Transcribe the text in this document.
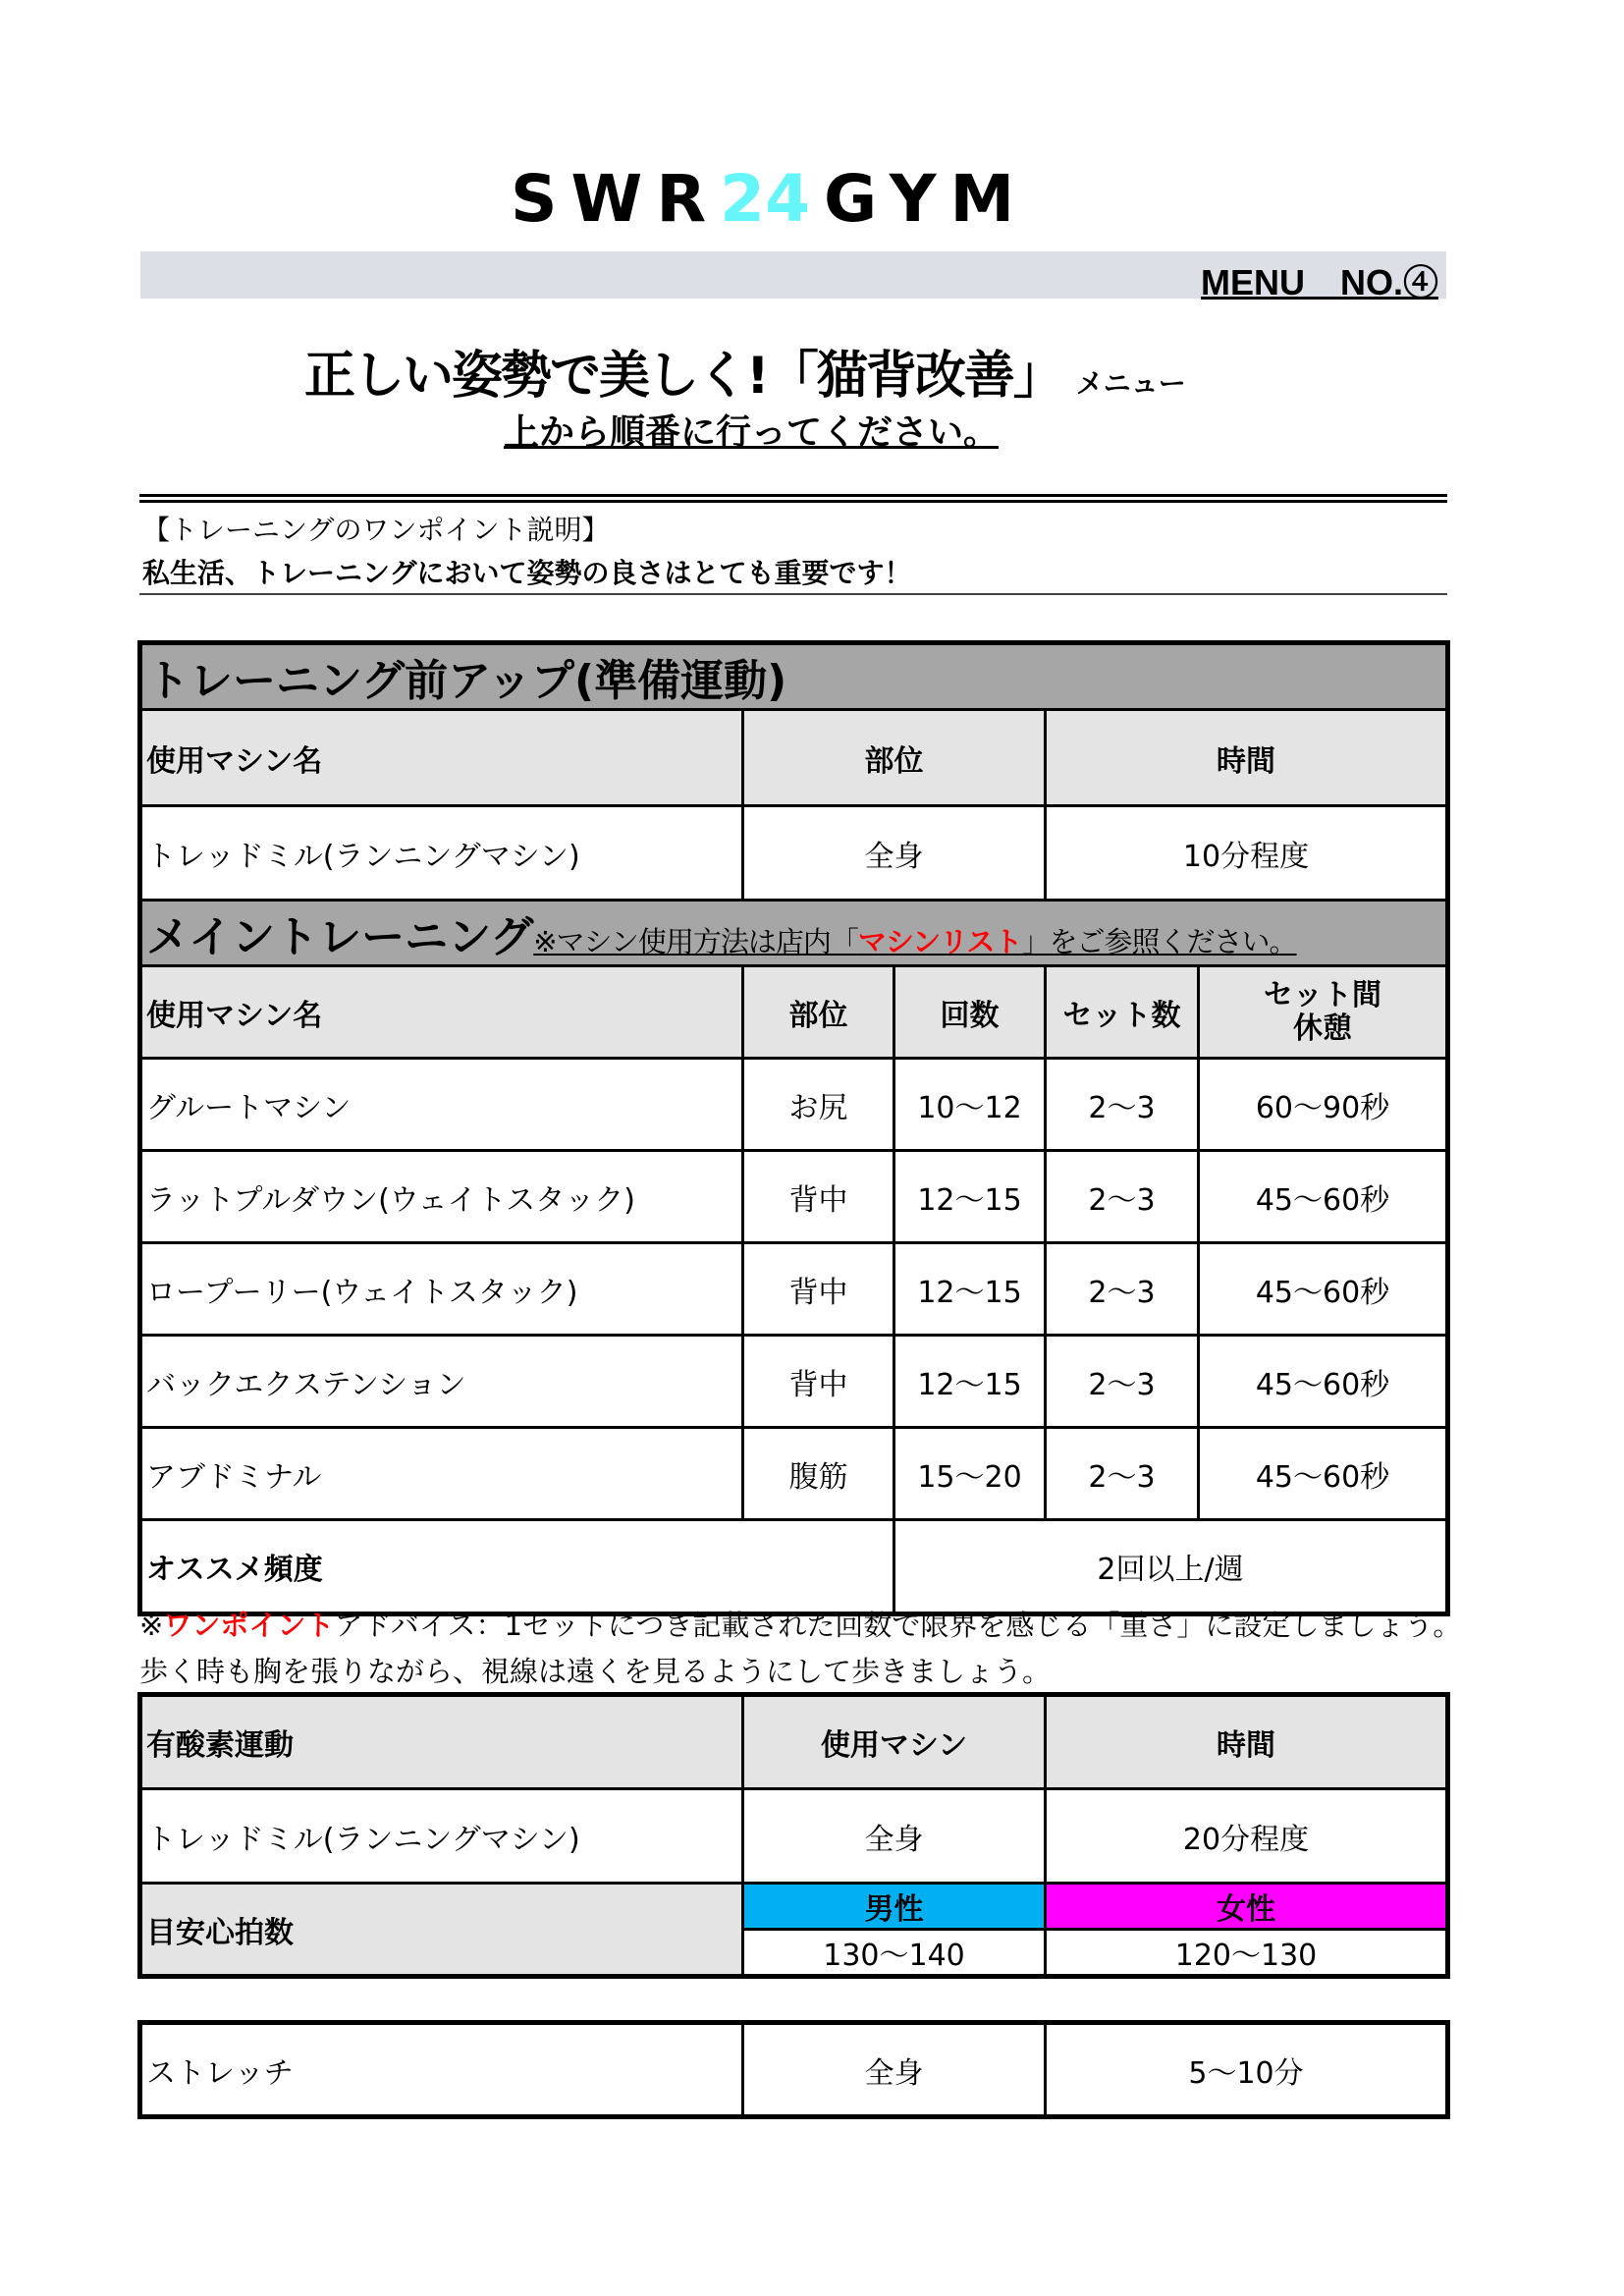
SWR24 GYM
MENU　NO.④
正しい姿勢で美しく!「猫背改善」 メニュー
上から順番に行ってください。
【トレーニングのワンポイント説明】
私生活、トレーニングにおいて姿勢の良さはとても重要です！
トレーニング前アップ(準備運動)				
使用マシン名	部位		時間	
トレッドミル(ランニングマシン)	全身		10分程度	
メイントレーニング※マシン使用方法は店内「マシンリスト」をご参照ください。				
使用マシン名	部位	回数	セット数	セット間
休憩
グルートマシン	お尻	10〜12	2〜3	60〜90秒
ラットプルダウン(ウェイトスタック)	背中	12〜15	2〜3	45〜60秒
ロープーリー(ウェイトスタック)	背中	12〜15	2〜3	45〜60秒
バックエクステンション	背中	12〜15	2〜3	45〜60秒
アブドミナル	腹筋	15〜20	2〜3	45〜60秒
オススメ頻度		2回以上/週		
※ワンポイントアドバイス：1セットにつき記載された回数で限界を感じる「重さ」に設定しましょう。
歩く時も胸を張りながら、視線は遠くを見るようにして歩きましょう。
有酸素運動	使用マシン	時間
トレッドミル(ランニングマシン)	全身	20分程度
目安心拍数	男性	女性
	130〜140	120〜130
ストレッチ	全身	5〜10分
